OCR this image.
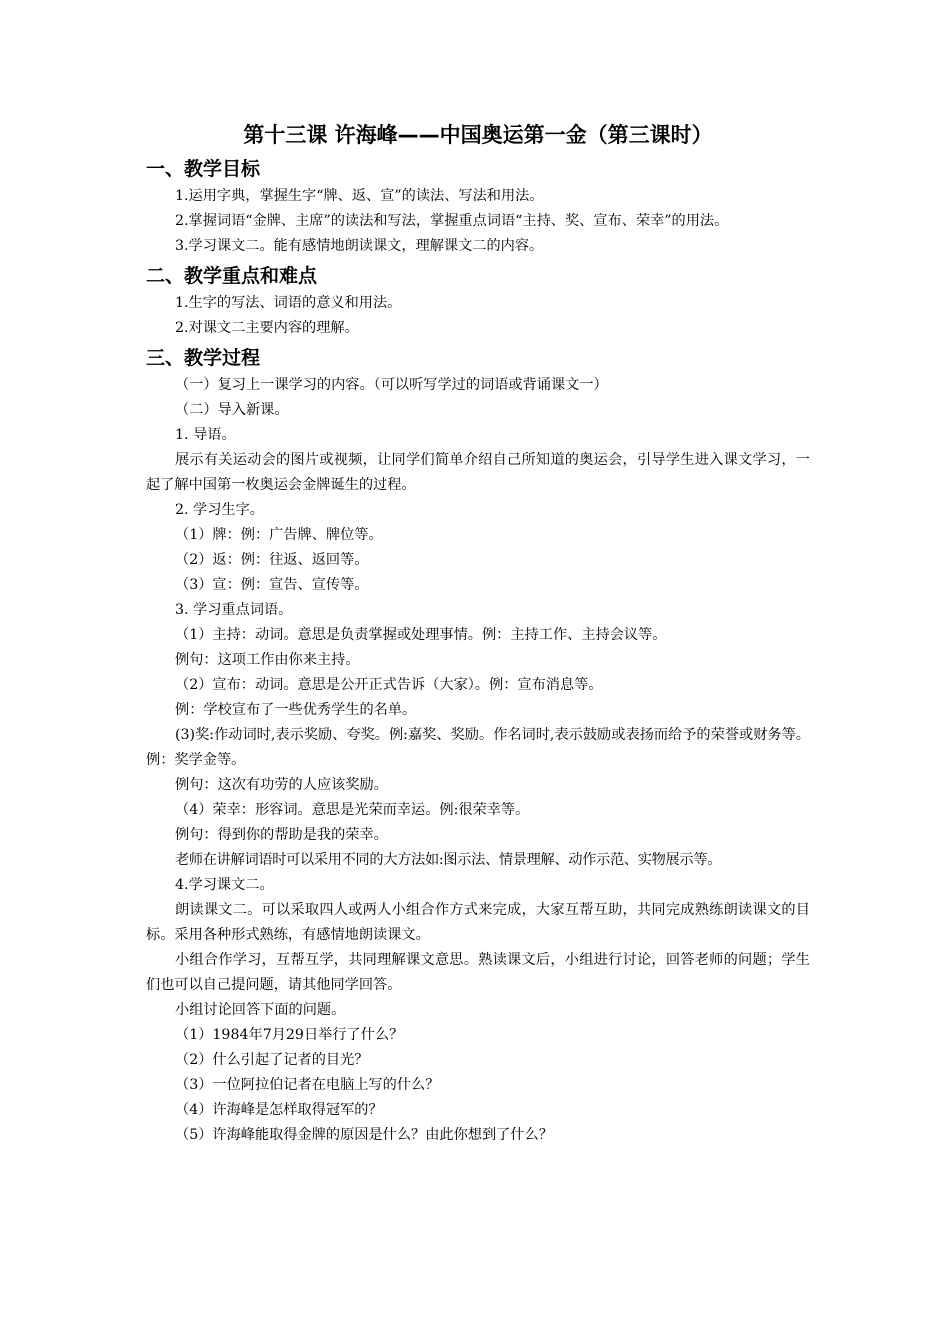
第十三课 许海峰——中国奥运第一金（第三课时）
一、教学目标
1.运用字典，掌握生字“牌、返、宣”的读法、写法和用法。
2.掌握词语“金牌、主席”的读法和写法，掌握重点词语“主持、奖、宣布、荣幸”的用法。
3.学习课文二。能有感情地朗读课文，理解课文二的内容。
二、教学重点和难点
1.生字的写法、词语的意义和用法。
2.对课文二主要内容的理解。
三、教学过程
（一）复习上一课学习的内容。（可以听写学过的词语或背诵课文一）
（二）导入新课。
1. 导语。
展示有关运动会的图片或视频，让同学们简单介绍自己所知道的奥运会，引导学生进入课文学习，一起了解中国第一枚奥运会金牌诞生的过程。
2. 学习生字。
（1）牌：例：广告牌、牌位等。
（2）返：例：往返、返回等。
（3）宣：例：宣告、宣传等。
3. 学习重点词语。
（1）主持：动词。意思是负责掌握或处理事情。例：主持工作、主持会议等。
例句：这项工作由你来主持。
（2）宣布：动词。意思是公开正式告诉（大家）。例：宣布消息等。
例：学校宣布了一些优秀学生的名单。
(3)奖:作动词时,表示奖励、夸奖。例:嘉奖、奖励。作名词时,表示鼓励或表扬而给予的荣誉或财务等。例：奖学金等。
例句：这次有功劳的人应该奖励。
（4）荣幸：形容词。意思是光荣而幸运。例:很荣幸等。
例句：得到你的帮助是我的荣幸。
老师在讲解词语时可以采用不同的大方法如:图示法、情景理解、动作示范、实物展示等。
4.学习课文二。
朗读课文二。可以采取四人或两人小组合作方式来完成，大家互帮互助，共同完成熟练朗读课文的目标。采用各种形式熟练，有感情地朗读课文。
小组合作学习，互帮互学，共同理解课文意思。熟读课文后，小组进行讨论，回答老师的问题；学生们也可以自己提问题，请其他同学回答。
小组讨论回答下面的问题。
（1）1984年7月29日举行了什么？
（2）什么引起了记者的目光？
（3）一位阿拉伯记者在电脑上写的什么？
（4）许海峰是怎样取得冠军的？
（5）许海峰能取得金牌的原因是什么？由此你想到了什么？
